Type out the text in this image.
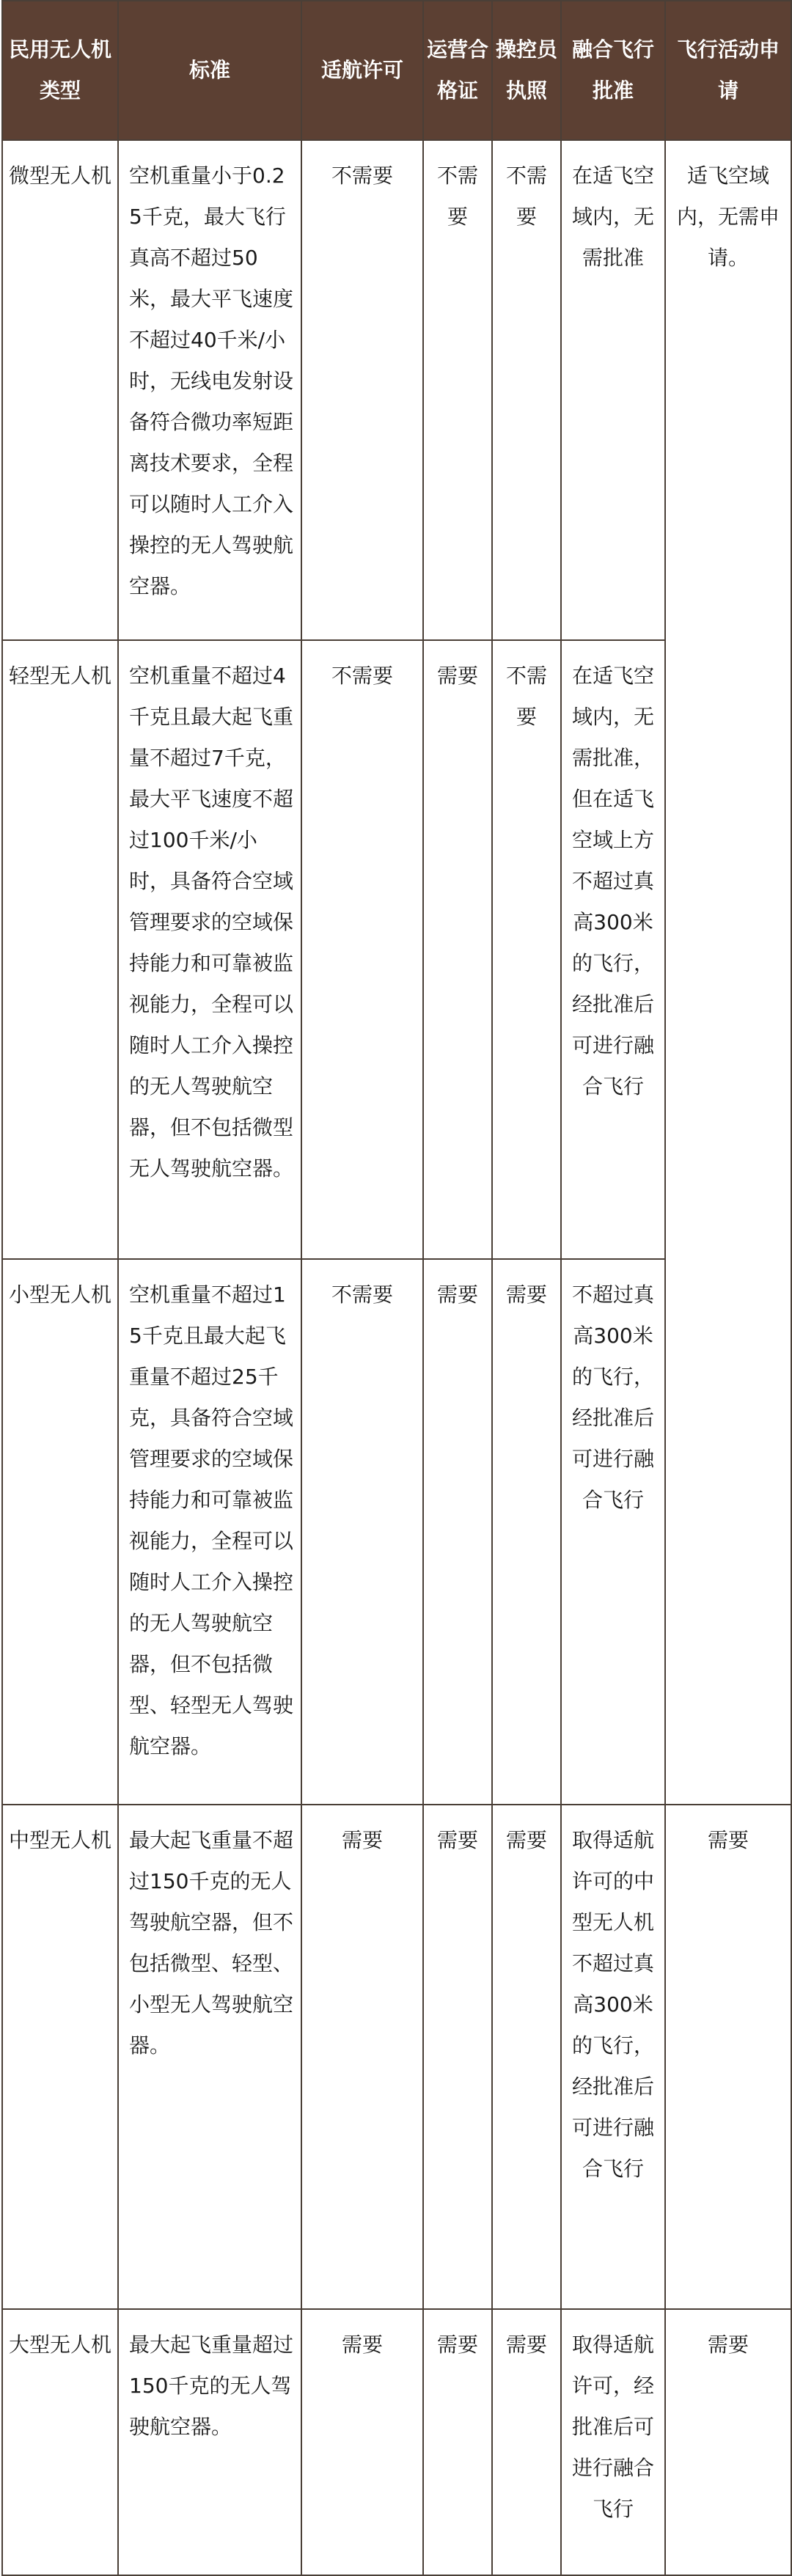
民用无人机类型	标准	适航许可	运营合格证	操控员执照	融合飞行批准	飞行活动申请
微型无人机	空机重量小于0.25千克，最大飞行真高不超过50米，最大平飞速度不超过40千米/小时，无线电发射设备符合微功率短距离技术要求，全程可以随时人工介入操控的无人驾驶航空器。	不需要	不需要	不需要	在适飞空域内，无需批准	适飞空域内，无需申请。
轻型无人机	空机重量不超过4千克且最大起飞重量不超过7千克，最大平飞速度不超过100千米/小时，具备符合空域管理要求的空域保持能力和可靠被监视能力，全程可以随时人工介入操控的无人驾驶航空器，但不包括微型无人驾驶航空器。	不需要	需要	不需要	在适飞空域内，无需批准，但在适飞空域上方不超过真高300米的飞行，经批准后可进行融合飞行	
小型无人机	空机重量不超过15千克且最大起飞重量不超过25千克，具备符合空域管理要求的空域保持能力和可靠被监视能力，全程可以随时人工介入操控的无人驾驶航空器，但不包括微型、轻型无人驾驶航空器。	不需要	需要	需要	不超过真高300米的飞行，经批准后可进行融合飞行	
中型无人机	最大起飞重量不超过150千克的无人驾驶航空器，但不包括微型、轻型、小型无人驾驶航空器。	需要	需要	需要	取得适航许可的中型无人机不超过真高300米的飞行，经批准后可进行融合飞行	需要
大型无人机	最大起飞重量超过150千克的无人驾驶航空器。	需要	需要	需要	取得适航许可，经批准后可进行融合飞行	需要
